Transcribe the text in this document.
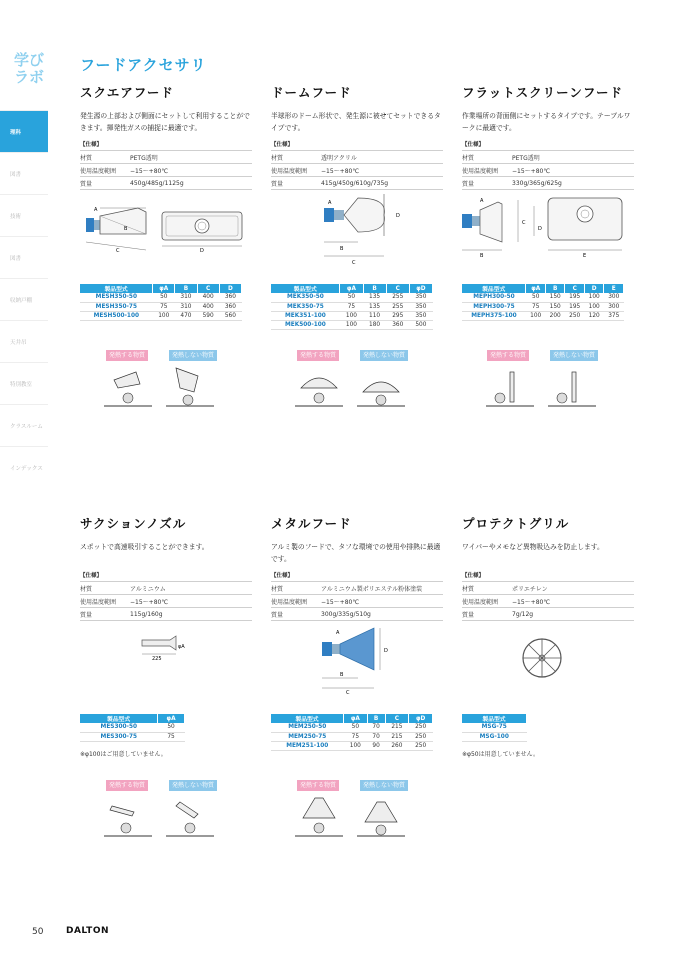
学び
ラボ
理科
図書
技術
図書
収納戸棚
天井吊
特別教室
クラスルーム
インデックス
フードアクセサリ
スクエアフード
発生源の上部および側面にセットして利用することができます。揮発性ガスの捕捉に最適です。
【仕様】
材質	PETG透明
使用温度範囲	−15〜+80℃
質量	450g/485g/1125g
A
B
C	D
製品型式	φA	B	C	D
MESH350-50	50	310	400	360
MESH350-75	75	310	400	360
MESH500-100	100	470	590	560
発熱する物質	発熱しない物質
ドームフード
半球形のドーム形状で、発生源に被せてセットできるタイプです。
【仕様】
材質	透明アクリル
使用温度範囲	−15〜+80℃
質量	415g/450g/610g/735g
A
D
B
C
製品型式	φA	B	C	φD
MEK350-50	50	135	255	350
MEK350-75	75	135	255	350
MEK351-100	100	110	295	350
MEK500-100	100	180	360	500
発熱する物質	発熱しない物質
フラットスクリーンフード
作業場所の背面側にセットするタイプです。テーブルワークに最適です。
【仕様】
材質	PETG透明
使用温度範囲	−15〜+80℃
質量	330g/365g/625g
A
B
C
D
E
製品型式	φA	B	C	D	E
MEPH300-50	50	150	195	100	300
MEPH300-75	75	150	195	100	300
MEPH375-100	100	200	250	120	375
発熱する物質	発熱しない物質
サクションノズル
スポットで高速吸引することができます。
【仕様】
材質	アルミニウム
使用温度範囲	−15〜+80℃
質量	115g/160g
225
φA
製品型式	φA
MES300-50	50
MES300-75	75
※φ100はご用意していません。
発熱する物質	発熱しない物質
メタルフード
アルミ製のフードで、タフな環境での使用や排熱に最適です。
【仕様】
材質	アルミニウム製ポリエステル粉体塗装
使用温度範囲	−15〜+80℃
質量	300g/335g/510g
A
D
B
C
製品型式	φA	B	C	φD
MEM250-50	50	70	215	250
MEM250-75	75	70	215	250
MEM251-100	100	90	260	250
発熱する物質	発熱しない物質
プロテクトグリル
ワイパーやメモなど異物吸込みを防止します。
【仕様】
材質	ポリエチレン
使用温度範囲	−15〜+80℃
質量	7g/12g
製品型式
MSG-75
MSG-100
※φ50は用意していません。
50	DALTON
